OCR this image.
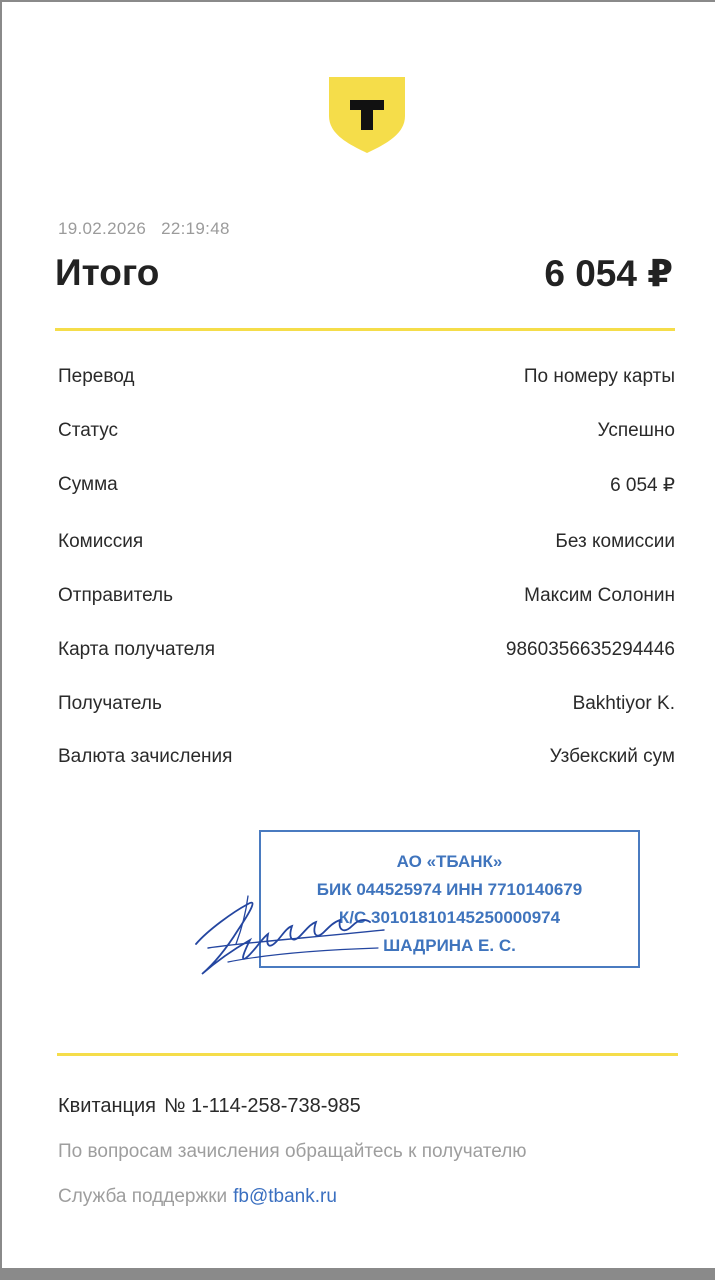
19.02.2026 22:19:48
Итого	6 054 ₽
Перевод	По номеру карты
Статус	Успешно
Сумма	6 054 ₽
Комиссия	Без комиссии
Отправитель	Максим Солонин
Карта получателя	9860356635294446
Получатель	Bakhtiyor K.
Валюта зачисления	Узбекский сум
АО «ТБАНК»
БИК 044525974 ИНН 7710140679
К/С 30101810145250000974
ШАДРИНА Е. С.
Квитанция № 1-114-258-738-985
По вопросам зачисления обращайтесь к получателю
Служба поддержки fb@tbank.ru
